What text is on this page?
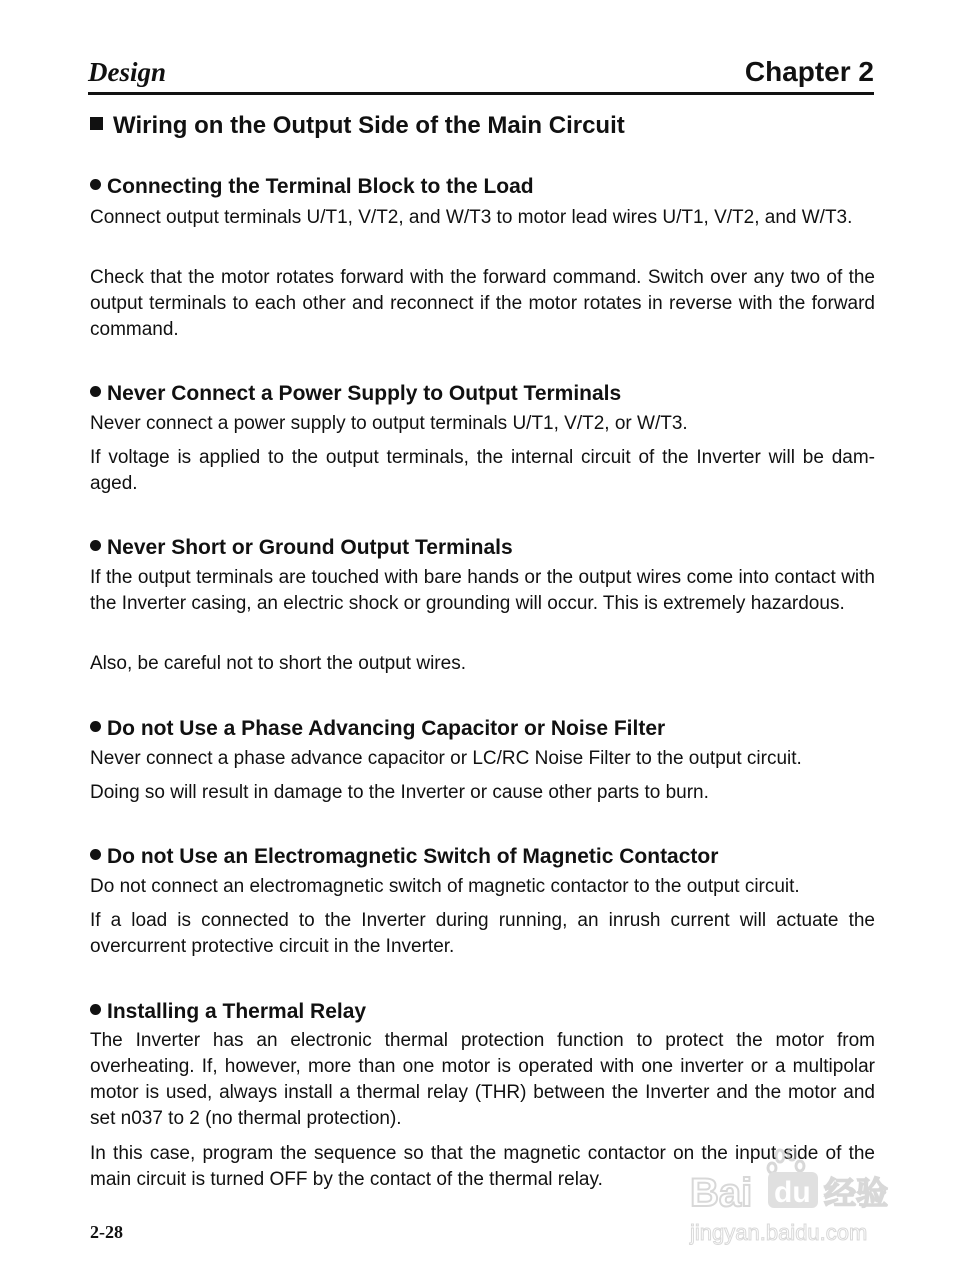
Design	Chapter 2
Wiring on the Output Side of the Main Circuit
Connecting the Terminal Block to the Load
Connect output terminals U/T1, V/T2, and W/T3 to motor lead wires U/T1, V/T2, and W/T3.
Check that the motor rotates forward with the forward command. Switch over any two of the output terminals to each other and reconnect if the motor rotates in reverse with the forward command.
Never Connect a Power Supply to Output Terminals
Never connect a power supply to output terminals U/T1, V/T2, or W/T3.
If voltage is applied to the output terminals, the internal circuit of the Inverter will be damaged.
Never Short or Ground Output Terminals
If the output terminals are touched with bare hands or the output wires come into contact with the Inverter casing, an electric shock or grounding will occur. This is extremely hazardous.
Also, be careful not to short the output wires.
Do not Use a Phase Advancing Capacitor or Noise Filter
Never connect a phase advance capacitor or LC/RC Noise Filter to the output circuit.
Doing so will result in damage to the Inverter or cause other parts to burn.
Do not Use an Electromagnetic Switch of Magnetic Contactor
Do not connect an electromagnetic switch of magnetic contactor to the output circuit.
If a load is connected to the Inverter during running, an inrush current will actuate the overcurrent protective circuit in the Inverter.
Installing a Thermal Relay
The Inverter has an electronic thermal protection function to protect the motor from overheating. If, however, more than one motor is operated with one inverter or a multipolar motor is used, always install a thermal relay (THR) between the Inverter and the motor and set n037 to 2 (no thermal protection).
In this case, program the sequence so that the magnetic contactor on the input side of the main circuit is turned OFF by the contact of the thermal relay.
2-28
Bai du 经验
jingyan.baidu.com
